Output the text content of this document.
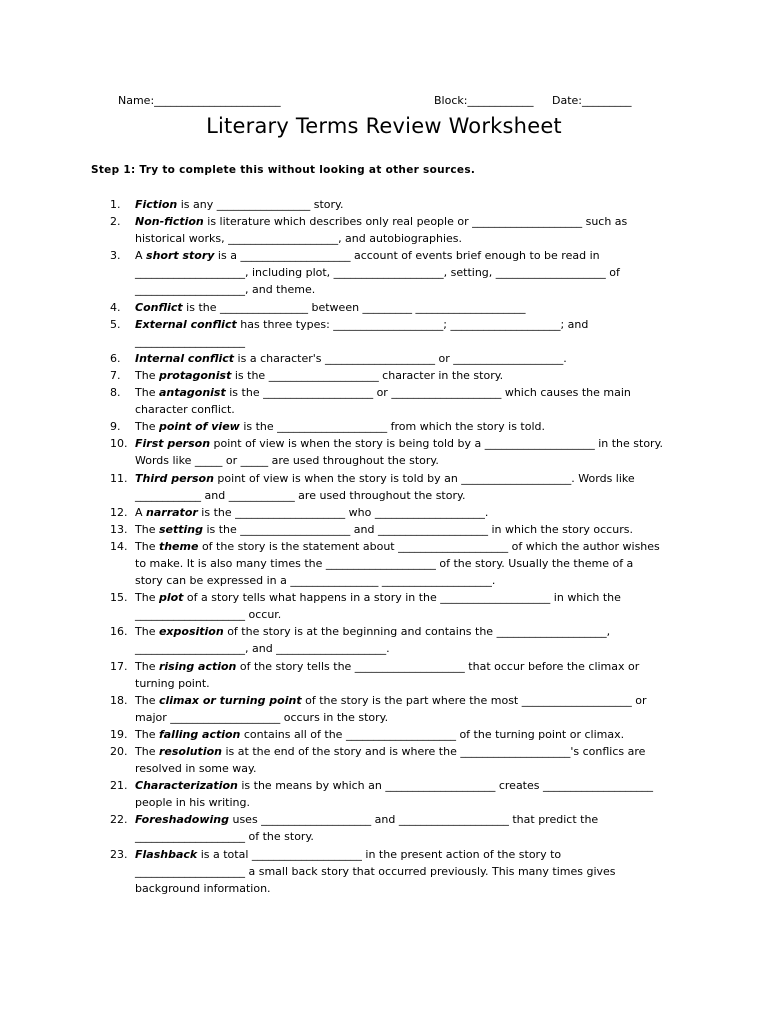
Name:_______________________	Block:____________ Date:_________
Literary Terms Review Worksheet
Step 1: Try to complete this without looking at other sources.
1. Fiction is any _________________ story.
2. Non-fiction is literature which describes only real people or ____________________ such as historical works, ____________________, and autobiographies.
3. A short story is a ____________________ account of events brief enough to be read in ____________________, including plot, ____________________, setting, ____________________ of ____________________, and theme.
4. Conflict is the ________________ between _________ ____________________
5. External conflict has three types: ____________________; ____________________; and ____________________
6. Internal conflict is a character's ____________________ or ____________________.
7. The protagonist is the ____________________ character in the story.
8. The antagonist is the ____________________ or ____________________ which causes the main character conflict.
9. The point of view is the ____________________ from which the story is told.
10. First person point of view is when the story is being told by a ____________________ in the story. Words like _____ or _____ are used throughout the story.
11. Third person point of view is when the story is told by an ____________________. Words like ____________ and ____________ are used throughout the story.
12. A narrator is the ____________________ who ____________________.
13. The setting is the ____________________ and ____________________ in which the story occurs.
14. The theme of the story is the statement about ____________________ of which the author wishes to make. It is also many times the ____________________ of the story. Usually the theme of a story can be expressed in a ________________ ____________________.
15. The plot of a story tells what happens in a story in the ____________________ in which the ____________________ occur.
16. The exposition of the story is at the beginning and contains the ____________________, ____________________, and ____________________.
17. The rising action of the story tells the ____________________ that occur before the climax or turning point.
18. The climax or turning point of the story is the part where the most ____________________ or major ____________________ occurs in the story.
19. The falling action contains all of the ____________________ of the turning point or climax.
20. The resolution is at the end of the story and is where the ____________________'s conflics are resolved in some way.
21. Characterization is the means by which an ____________________ creates ____________________ people in his writing.
22. Foreshadowing uses ____________________ and ____________________ that predict the ____________________ of the story.
23. Flashback is a total ____________________ in the present action of the story to ____________________ a small back story that occurred previously. This many times gives background information.
